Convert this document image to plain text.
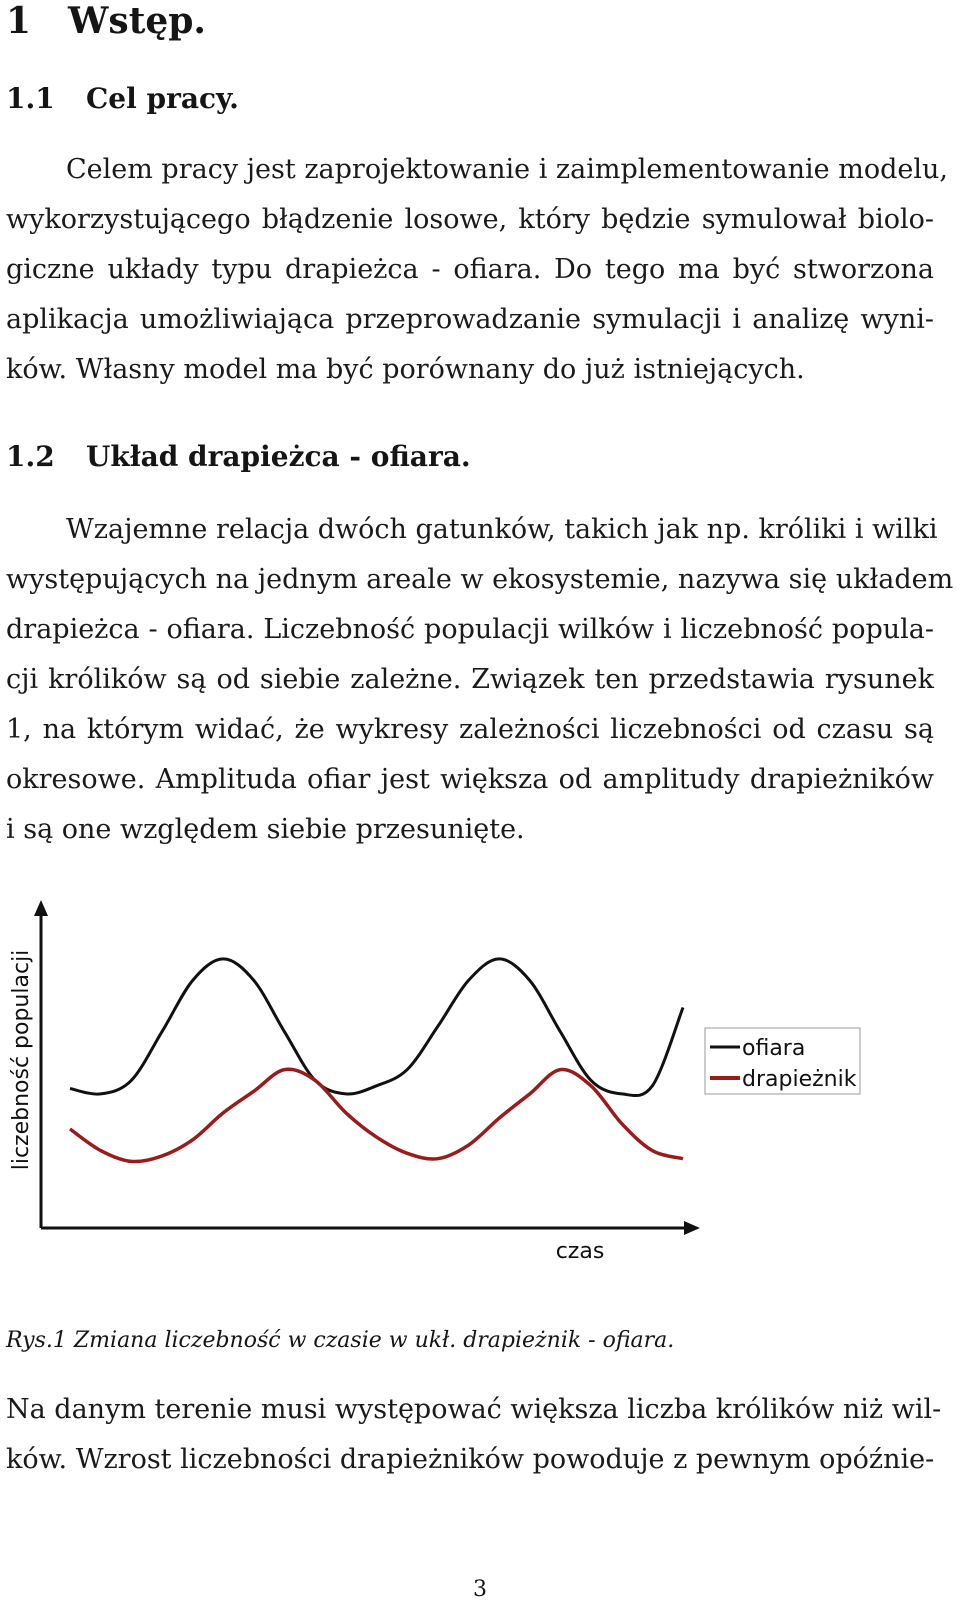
1 Wstęp.
1.1 Cel pracy.
Celem pracy jest zaprojektowanie i zaimplementowanie modelu,
wykorzystującego błądzenie losowe, który będzie symulował biolo-
giczne układy typu drapieżca - ofiara. Do tego ma być stworzona
aplikacja umożliwiająca przeprowadzanie symulacji i analizę wyni-
ków. Własny model ma być porównany do już istniejących.
1.2 Układ drapieżca - ofiara.
Wzajemne relacja dwóch gatunków, takich jak np. króliki i wilki
występujących na jednym areale w ekosystemie, nazywa się układem
drapieżca - ofiara. Liczebność populacji wilków i liczebność popula-
cji królików są od siebie zależne. Związek ten przedstawia rysunek
1, na którym widać, że wykresy zależności liczebności od czasu są
okresowe. Amplituda ofiar jest większa od amplitudy drapieżników
i są one względem siebie przesunięte.
czas
liczebność populacji	ofiara
drapieżnik
Rys.1 Zmiana liczebność w czasie w ukł. drapieżnik - ofiara.
Na danym terenie musi występować większa liczba królików niż wil-
ków. Wzrost liczebności drapieżników powoduje z pewnym opóźnie-
3
